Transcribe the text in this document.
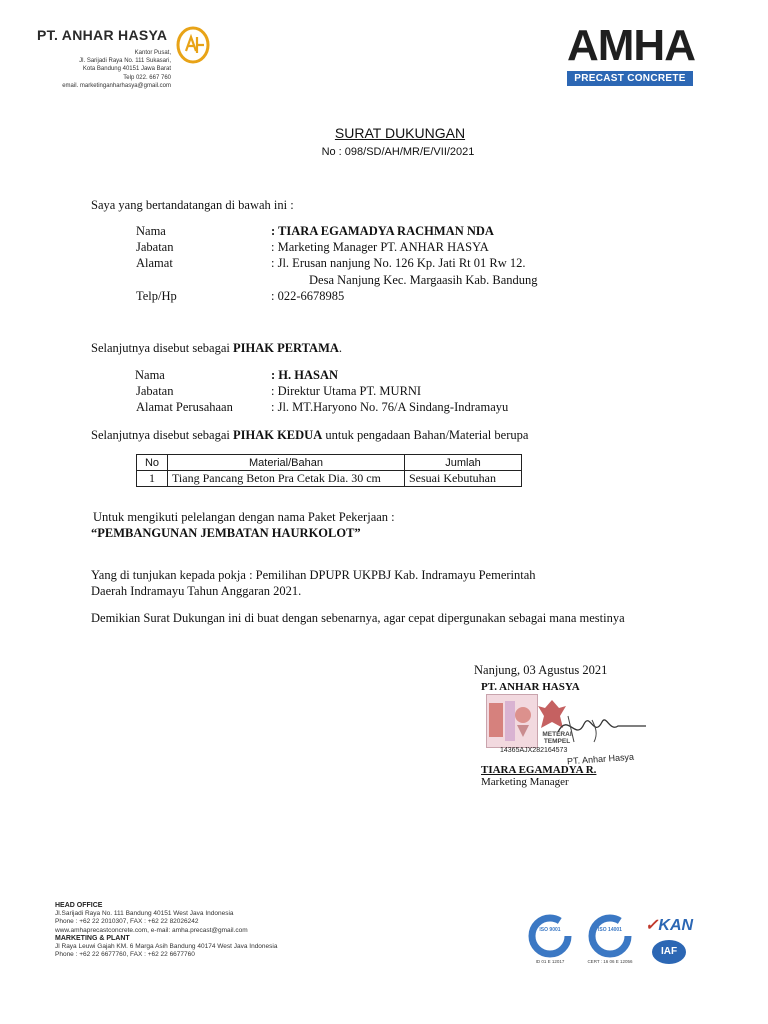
PT. ANHAR HASYA
Kantor Pusat,
Jl. Sarijadi Raya No. 111 Sukasari,
Kota Bandung 40151 Jawa Barat
Telp 022. 667 760
email. marketinganharhasya@gmail.com
AMHA
PRECAST CONCRETE
SURAT DUKUNGAN
No : 098/SD/AH/MR/E/VII/2021
Saya yang bertandatangan di bawah ini :
Nama	: TIARA EGAMADYA RACHMAN NDA
Jabatan	: Marketing Manager PT. ANHAR HASYA
Alamat	: Jl. Erusan nanjung No. 126 Kp. Jati Rt 01 Rw 12.
Desa Nanjung Kec. Margaasih Kab. Bandung
Telp/Hp	: 022-6678985
Selanjutnya disebut sebagai PIHAK PERTAMA.
Nama	: H. HASAN
Jabatan	: Direktur Utama PT. MURNI
Alamat Perusahaan	: Jl. MT.Haryono No. 76/A Sindang-Indramayu
Selanjutnya disebut sebagai PIHAK KEDUA untuk pengadaan Bahan/Material berupa
No	Material/Bahan	Jumlah
1	Tiang Pancang Beton Pra Cetak Dia. 30 cm	Sesuai Kebutuhan
Untuk mengikuti pelelangan dengan nama Paket Pekerjaan :
“PEMBANGUNAN JEMBATAN HAURKOLOT”
Yang di tunjukan kepada pokja : Pemilihan DPUPR UKPBJ Kab. Indramayu Pemerintah
Daerah Indramayu Tahun Anggaran 2021.
Demikian Surat Dukungan ini di buat dengan sebenarnya, agar cepat dipergunakan sebagai mana mestinya
Nanjung, 03 Agustus 2021
PT. ANHAR HASYA
METERAI TEMPEL
14365AJX282164573
PT. Anhar Hasya
TIARA EGAMADYA R.
Marketing Manager
HEAD OFFICE
Jl.Sarijadi Raya No. 111 Bandung 40151 West Java Indonesia
Phone : +62 22 2010307, FAX : +62 22 82026242
www.amhaprecastconcrete.com, e-mail: amha.precast@gmail.com
MARKETING & PLANT
Jl Raya Leuwi Gajah KM. 6 Marga Asih Bandung 40174 West Java Indonesia
Phone : +62 22 6677760, FAX : +62 22 6677760
ISO 9001
ID 01 E 12017
ISO 14001
CERT : 16 06 E 12056
✓KAN
IAF
